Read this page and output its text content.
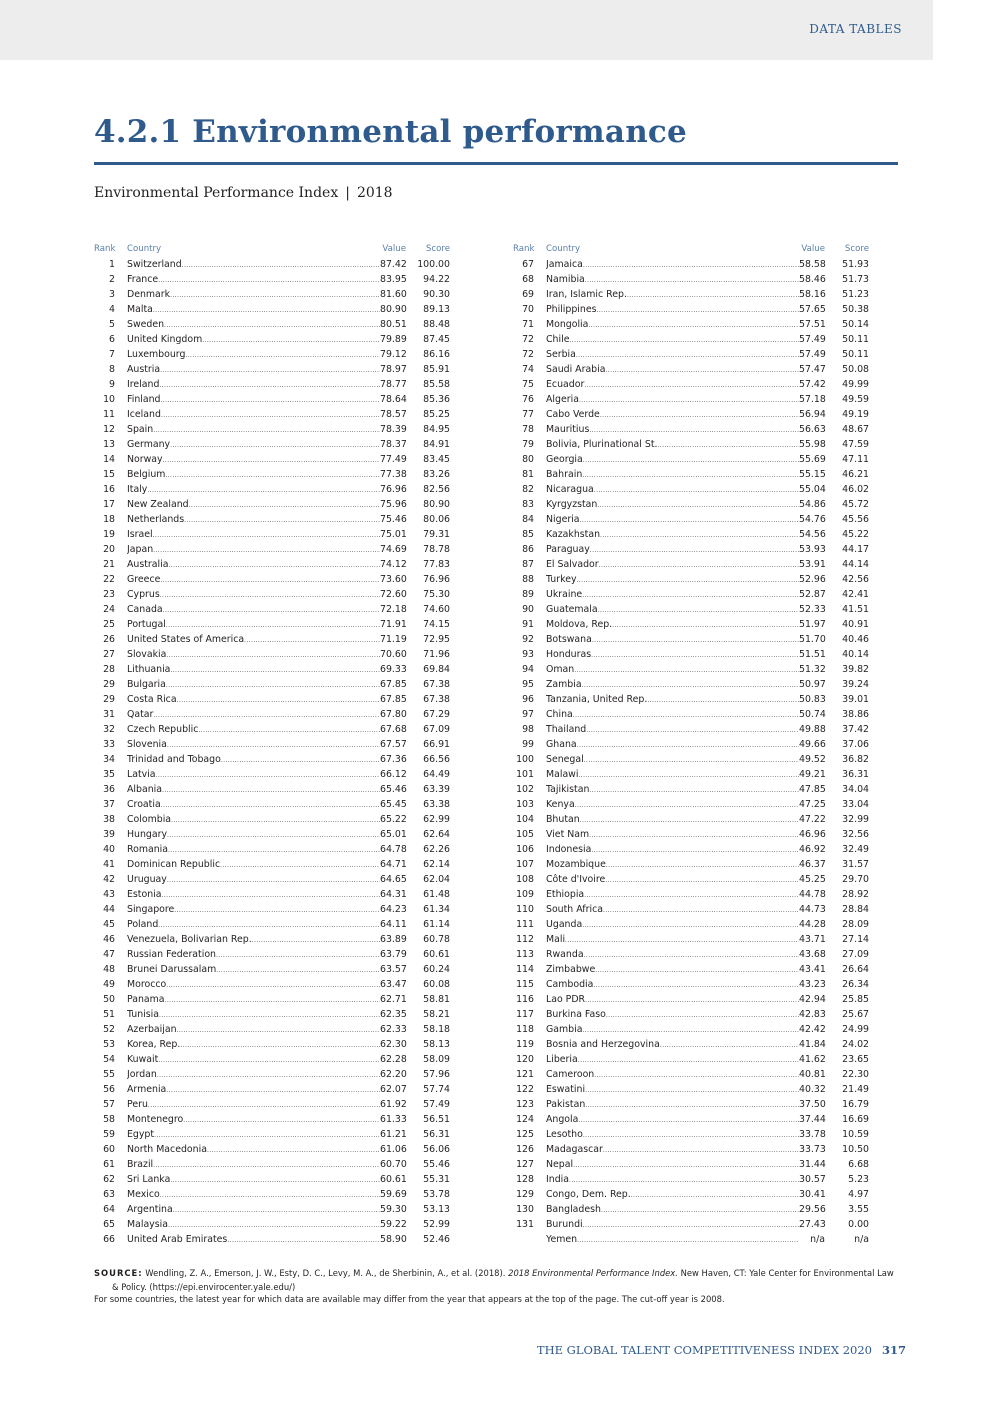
DATA TABLES
4.2.1 Environmental performance
Environmental Performance Index | 2018
Rank Country	Value	Score
1 Switzerland .....	87.42	100.00
2 France .....	83.95	94.22
3 Denmark .....	81.60	90.30
4 Malta .....	80.90	89.13
5 Sweden .....	80.51	88.48
6 United Kingdom .....	79.89	87.45
7 Luxembourg .....	79.12	86.16
8 Austria .....	78.97	85.91
9 Ireland .....	78.77	85.58
10 Finland .....	78.64	85.36
11 Iceland .....	78.57	85.25
12 Spain .....	78.39	84.95
13 Germany .....	78.37	84.91
14 Norway .....	77.49	83.45
15 Belgium .....	77.38	83.26
16 Italy .....	76.96	82.56
17 New Zealand .....	75.96	80.90
18 Netherlands .....	75.46	80.06
19 Israel .....	75.01	79.31
20 Japan .....	74.69	78.78
21 Australia .....	74.12	77.83
22 Greece .....	73.60	76.96
23 Cyprus .....	72.60	75.30
24 Canada .....	72.18	74.60
25 Portugal .....	71.91	74.15
26 United States of America .....	71.19	72.95
27 Slovakia .....	70.60	71.96
28 Lithuania .....	69.33	69.84
29 Bulgaria .....	67.85	67.38
29 Costa Rica .....	67.85	67.38
31 Qatar .....	67.80	67.29
32 Czech Republic .....	67.68	67.09
33 Slovenia .....	67.57	66.91
34 Trinidad and Tobago .....	67.36	66.56
35 Latvia .....	66.12	64.49
36 Albania .....	65.46	63.39
37 Croatia .....	65.45	63.38
38 Colombia .....	65.22	62.99
39 Hungary .....	65.01	62.64
40 Romania .....	64.78	62.26
41 Dominican Republic .....	64.71	62.14
42 Uruguay .....	64.65	62.04
43 Estonia .....	64.31	61.48
44 Singapore .....	64.23	61.34
45 Poland .....	64.11	61.14
46 Venezuela, Bolivarian Rep. .....	63.89	60.78
47 Russian Federation .....	63.79	60.61
48 Brunei Darussalam .....	63.57	60.24
49 Morocco .....	63.47	60.08
50 Panama .....	62.71	58.81
51 Tunisia .....	62.35	58.21
52 Azerbaijan .....	62.33	58.18
53 Korea, Rep. .....	62.30	58.13
54 Kuwait .....	62.28	58.09
55 Jordan .....	62.20	57.96
56 Armenia .....	62.07	57.74
57 Peru .....	61.92	57.49
58 Montenegro .....	61.33	56.51
59 Egypt .....	61.21	56.31
60 North Macedonia .....	61.06	56.06
61 Brazil .....	60.70	55.46
62 Sri Lanka .....	60.61	55.31
63 Mexico .....	59.69	53.78
64 Argentina .....	59.30	53.13
65 Malaysia .....	59.22	52.99
66 United Arab Emirates .....	58.90	52.46
Rank Country	Value	Score
67 Jamaica .....	58.58	51.93
68 Namibia .....	58.46	51.73
69 Iran, Islamic Rep. .....	58.16	51.23
70 Philippines .....	57.65	50.38
71 Mongolia .....	57.51	50.14
72 Chile .....	57.49	50.11
72 Serbia .....	57.49	50.11
74 Saudi Arabia .....	57.47	50.08
75 Ecuador .....	57.42	49.99
76 Algeria .....	57.18	49.59
77 Cabo Verde .....	56.94	49.19
78 Mauritius .....	56.63	48.67
79 Bolivia, Plurinational St. .....	55.98	47.59
80 Georgia .....	55.69	47.11
81 Bahrain .....	55.15	46.21
82 Nicaragua .....	55.04	46.02
83 Kyrgyzstan .....	54.86	45.72
84 Nigeria .....	54.76	45.56
85 Kazakhstan .....	54.56	45.22
86 Paraguay .....	53.93	44.17
87 El Salvador .....	53.91	44.14
88 Turkey .....	52.96	42.56
89 Ukraine .....	52.87	42.41
90 Guatemala .....	52.33	41.51
91 Moldova, Rep. .....	51.97	40.91
92 Botswana .....	51.70	40.46
93 Honduras .....	51.51	40.14
94 Oman .....	51.32	39.82
95 Zambia .....	50.97	39.24
96 Tanzania, United Rep. .....	50.83	39.01
97 China .....	50.74	38.86
98 Thailand .....	49.88	37.42
99 Ghana .....	49.66	37.06
100 Senegal .....	49.52	36.82
101 Malawi .....	49.21	36.31
102 Tajikistan .....	47.85	34.04
103 Kenya .....	47.25	33.04
104 Bhutan .....	47.22	32.99
105 Viet Nam .....	46.96	32.56
106 Indonesia .....	46.92	32.49
107 Mozambique .....	46.37	31.57
108 Côte d'Ivoire .....	45.25	29.70
109 Ethiopia .....	44.78	28.92
110 South Africa .....	44.73	28.84
111 Uganda .....	44.28	28.09
112 Mali .....	43.71	27.14
113 Rwanda .....	43.68	27.09
114 Zimbabwe .....	43.41	26.64
115 Cambodia .....	43.23	26.34
116 Lao PDR .....	42.94	25.85
117 Burkina Faso .....	42.83	25.67
118 Gambia .....	42.42	24.99
119 Bosnia and Herzegovina .....	41.84	24.02
120 Liberia .....	41.62	23.65
121 Cameroon .....	40.81	22.30
122 Eswatini .....	40.32	21.49
123 Pakistan .....	37.50	16.79
124 Angola .....	37.44	16.69
125 Lesotho .....	33.78	10.59
126 Madagascar .....	33.73	10.50
127 Nepal .....	31.44	6.68
128 India .....	30.57	5.23
129 Congo, Dem. Rep. .....	30.41	4.97
130 Bangladesh .....	29.56	3.55
131 Burundi .....	27.43	0.00
Yemen .....	n/a	n/a
SOURCE: Wendling, Z. A., Emerson, J. W., Esty, D. C., Levy, M. A., de Sherbinin, A., et al. (2018). 2018 Environmental Performance Index. New Haven, CT: Yale Center for Environmental Law
& Policy. (https://epi.envirocenter.yale.edu/)
For some countries, the latest year for which data are available may differ from the year that appears at the top of the page. The cut-off year is 2008.
THE GLOBAL TALENT COMPETITIVENESS INDEX 2020 317
